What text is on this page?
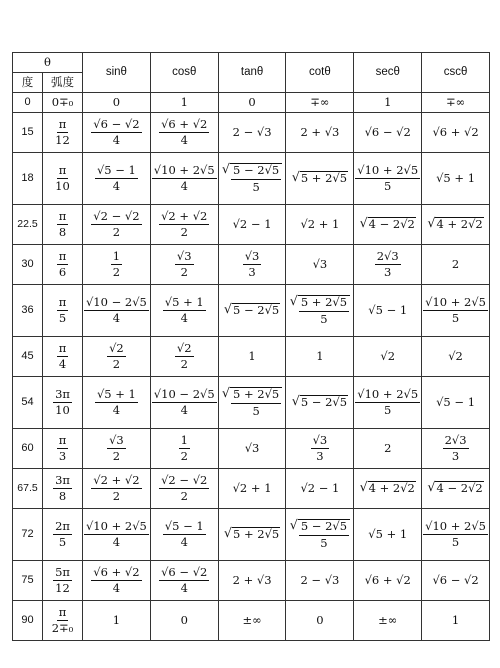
θ		sinθ	cosθ	tanθ	cotθ	secθ	cscθ
度	弧度						
0	0∓₀	0	1	0	∓∞	1	∓∞
15	$\frac{\pi}{12}$	$\frac{√6 - √2}{4}$	$\frac{√6 + √2}{4}$	2 − √3	2 + √3	√6 − √2	√6 + √2
18	$\frac{\pi}{10}$	$\frac{√5 - 1}{4}$	$\frac{√10 + 2√5}{4}$	√ $\frac{5 - 2√5}{5}$	√ 5 + 2√5	$\frac{√10 + 2√5}{5}$	√5 + 1
22.5	$\frac{\pi}{8}$	$\frac{√2 - √2}{2}$	$\frac{√2 + √2}{2}$	√2 − 1	√2 + 1	√ 4 − 2√2	√ 4 + 2√2

30	$\frac{\pi}{6}$	$\frac{1}{2}$	$\frac{√3}{2}$	$\frac{√3}{3}$	√3	$\frac{2√3}{3}$	2
36	$\frac{\pi}{5}$	$\frac{√10 - 2√5}{4}$	$\frac{√5 + 1}{4}$	√ 5 − 2√5	√ $\frac{5 + 2√5}{5}$	√5 − 1	$\frac{√10 + 2√5}{5}$

45	$\frac{\pi}{4}$	$\frac{√2}{2}$	$\frac{√2}{2}$	1	1	√2	√2
54	$\frac{3\pi}{10}$	$\frac{√5 + 1}{4}$	$\frac{√10 - 2√5}{4}$	√ $\frac{5 + 2√5}{5}$	√ 5 − 2√5	$\frac{√10 + 2√5}{5}$	√5 − 1
60	$\frac{\pi}{3}$	$\frac{√3}{2}$	$\frac{1}{2}$	√3	$\frac{√3}{3}$	2	$\frac{2√3}{3}$

67.5	$\frac{3\pi}{8}$	$\frac{√2 + √2}{2}$	$\frac{√2 - √2}{2}$	√2 + 1	√2 − 1	√ 4 + 2√2	√ 4 − 2√2

72	$\frac{2\pi}{5}$	$\frac{√10 + 2√5}{4}$	$\frac{√5 - 1}{4}$	√ 5 + 2√5	√ $\frac{5 - 2√5}{5}$	√5 + 1	$\frac{√10 + 2√5}{5}$

75	$\frac{5\pi}{12}$	$\frac{√6 + √2}{4}$	$\frac{√6 - √2}{4}$	2 + √3	2 − √3	√6 + √2	√6 − √2
90	$\frac{\pi}{\text{2∓₀}}$	1	0	±∞	0	±∞	1
